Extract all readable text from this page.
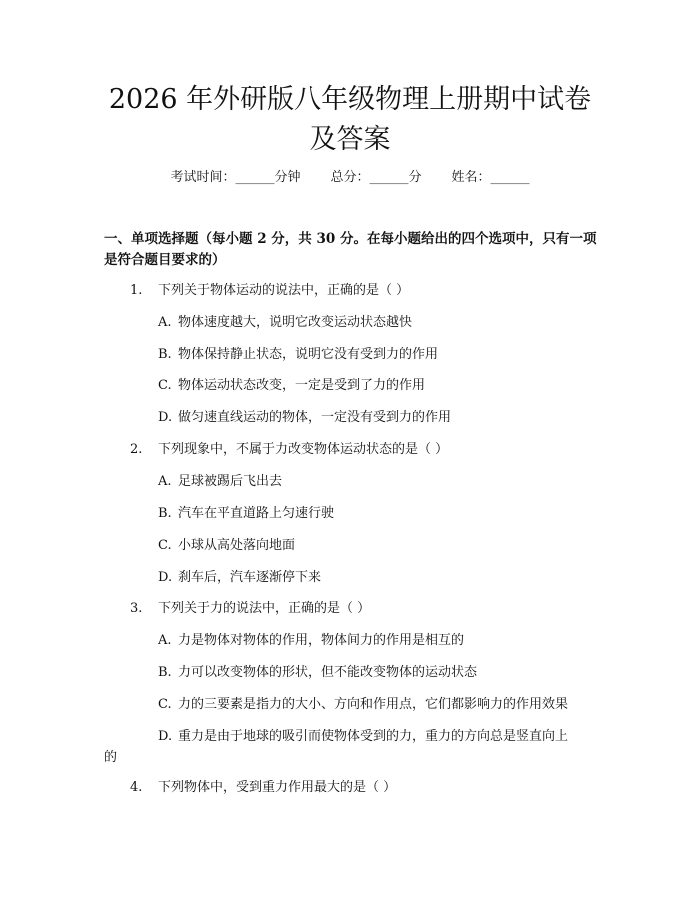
2026 年外研版八年级物理上册期中试卷及答案
考试时间：______分钟 总分：______分 姓名：______
一、单项选择题（每小题 2 分，共 30 分。在每小题给出的四个选项中，只有一项是符合题目要求的）
1. 下列关于物体运动的说法中，正确的是（ ）
A. 物体速度越大，说明它改变运动状态越快
B. 物体保持静止状态，说明它没有受到力的作用
C. 物体运动状态改变，一定是受到了力的作用
D. 做匀速直线运动的物体，一定没有受到力的作用
2. 下列现象中，不属于力改变物体运动状态的是（ ）
A. 足球被踢后飞出去
B. 汽车在平直道路上匀速行驶
C. 小球从高处落向地面
D. 刹车后，汽车逐渐停下来
3. 下列关于力的说法中，正确的是（ ）
A. 力是物体对物体的作用，物体间力的作用是相互的
B. 力可以改变物体的形状，但不能改变物体的运动状态
C. 力的三要素是指力的大小、方向和作用点，它们都影响力的作用效果
D. 重力是由于地球的吸引而使物体受到的力，重力的方向总是竖直向上
的
4. 下列物体中，受到重力作用最大的是（ ）
